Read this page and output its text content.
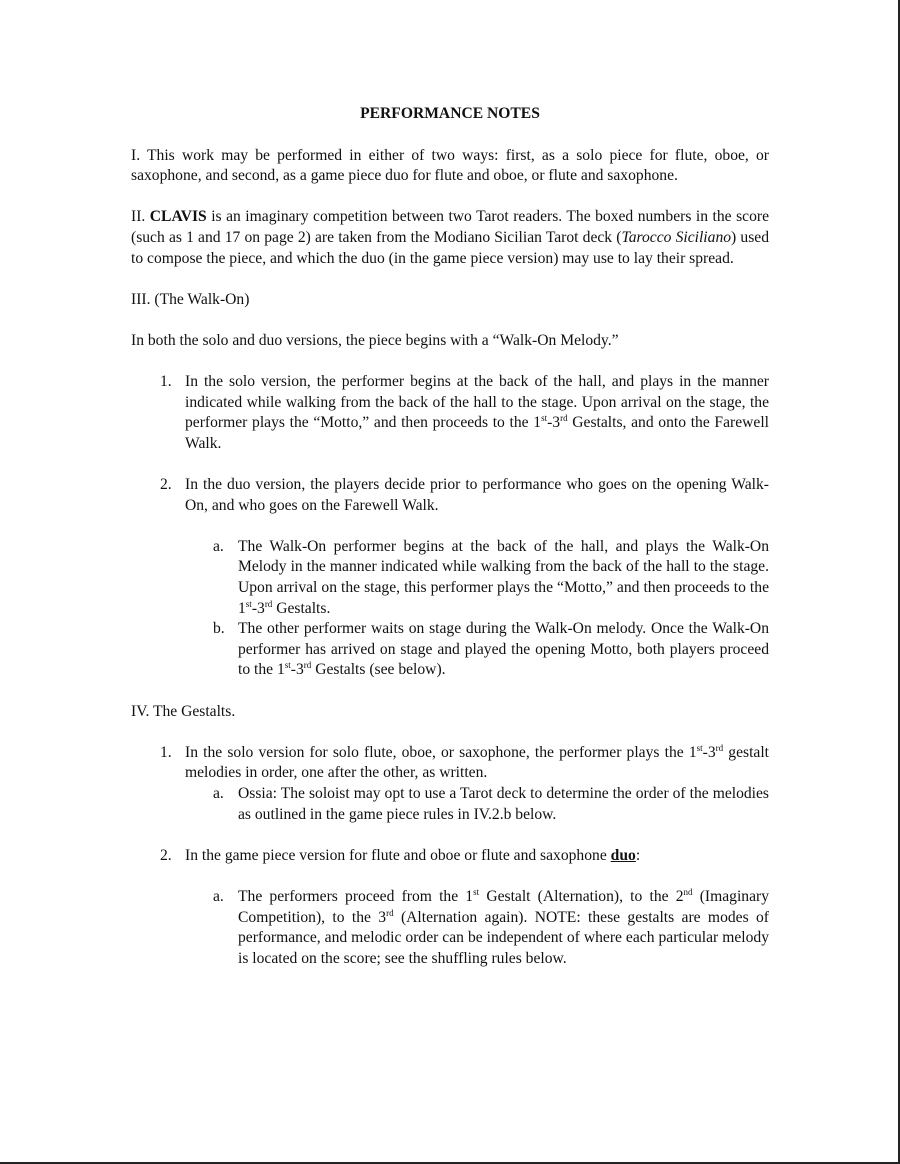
PERFORMANCE NOTES

I. This work may be performed in either of two ways: first, as a solo piece for flute, oboe, or saxophone, and second, as a game piece duo for flute and oboe, or flute and saxophone.

II. CLAVIS is an imaginary competition between two Tarot readers. The boxed numbers in the score (such as 1 and 17 on page 2) are taken from the Modiano Sicilian Tarot deck (Tarocco Siciliano) used to compose the piece, and which the duo (in the game piece version) may use to lay their spread.

III. (The Walk-On)

In both the solo and duo versions, the piece begins with a “Walk-On Melody.”

1. In the solo version, the performer begins at the back of the hall, and plays in the manner indicated while walking from the back of the hall to the stage. Upon arrival on the stage, the performer plays the “Motto,” and then proceeds to the 1st-3rd Gestalts, and onto the Farewell Walk.
2. In the duo version, the players decide prior to performance who goes on the opening Walk-On, and who goes on the Farewell Walk.
a. The Walk-On performer begins at the back of the hall, and plays the Walk-On Melody in the manner indicated while walking from the back of the hall to the stage. Upon arrival on the stage, this performer plays the “Motto,” and then proceeds to the 1st-3rd Gestalts.
b. The other performer waits on stage during the Walk-On melody. Once the Walk-On performer has arrived on stage and played the opening Motto, both players proceed to the 1st-3rd Gestalts (see below).

IV. The Gestalts.

1. In the solo version for solo flute, oboe, or saxophone, the performer plays the 1st-3rd gestalt melodies in order, one after the other, as written.
a. Ossia: The soloist may opt to use a Tarot deck to determine the order of the melodies as outlined in the game piece rules in IV.2.b below.
2. In the game piece version for flute and oboe or flute and saxophone duo:
a. The performers proceed from the 1st Gestalt (Alternation), to the 2nd (Imaginary Competition), to the 3rd (Alternation again). NOTE: these gestalts are modes of performance, and melodic order can be independent of where each particular melody is located on the score; see the shuffling rules below.
